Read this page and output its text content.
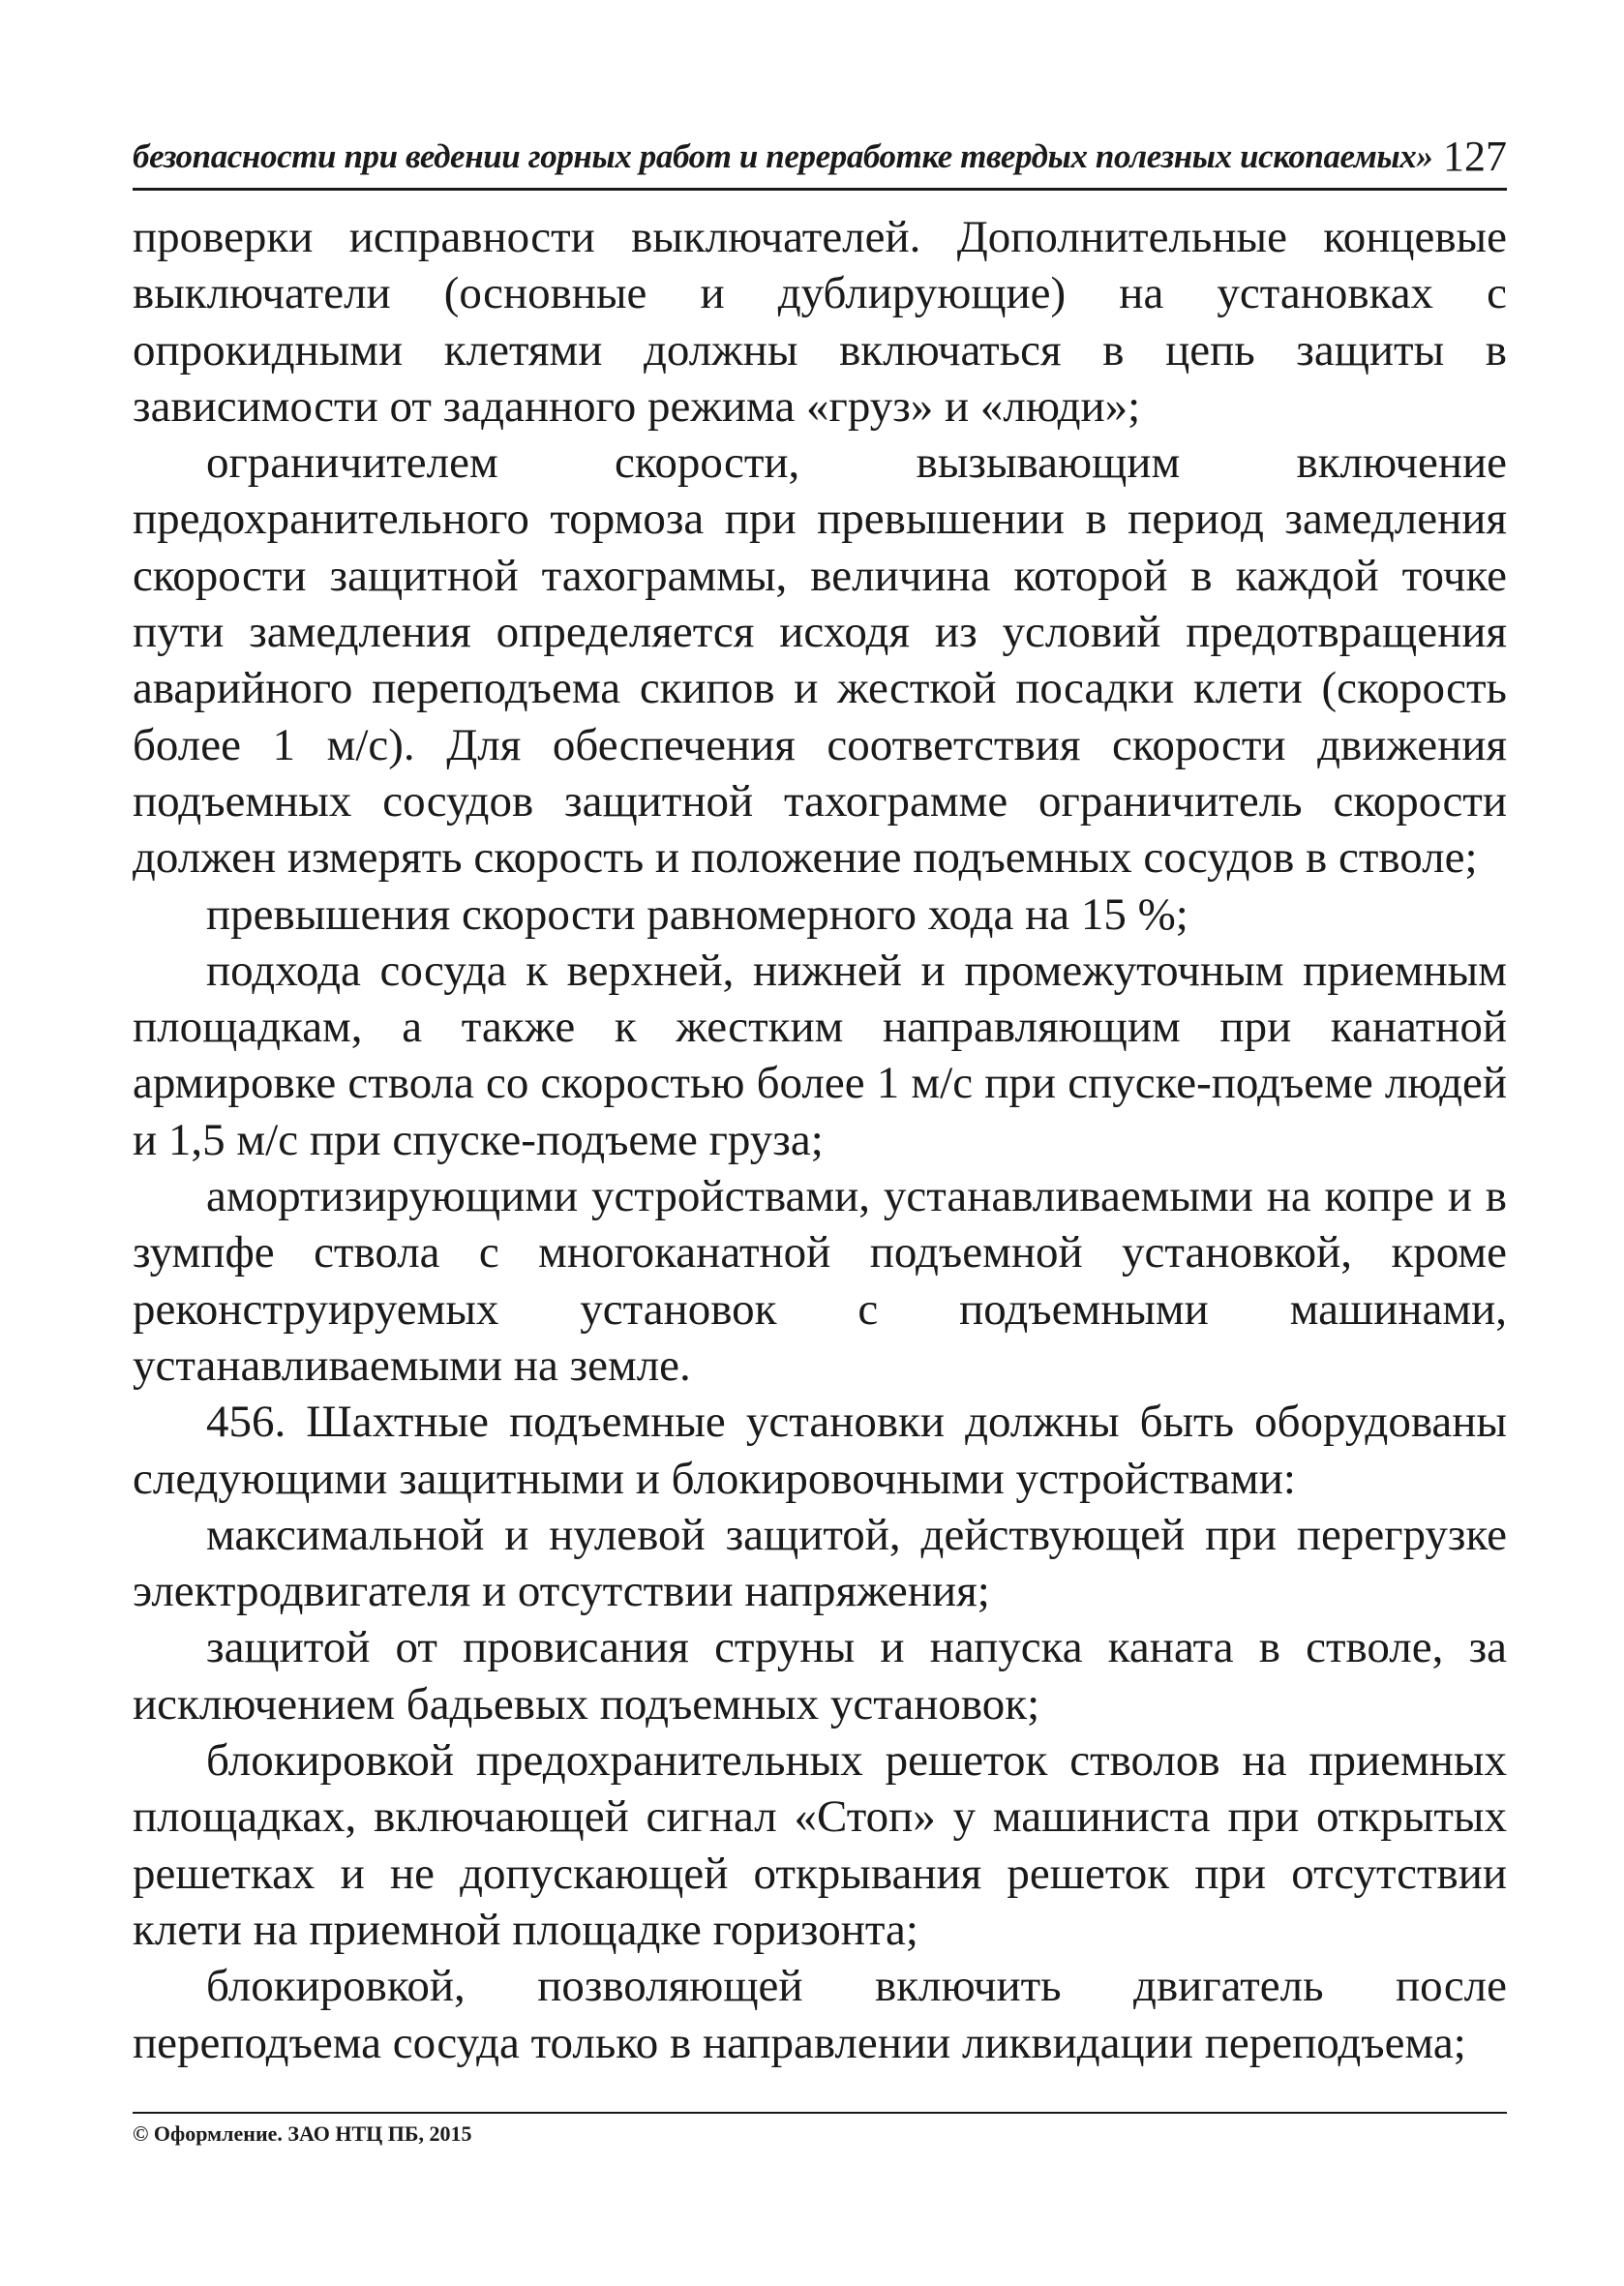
безопасности при ведении горных работ и переработке твердых полезных ископаемых» 127

проверки исправности выключателей. Дополнительные концевые выключатели (основные и дублирующие) на установках с опрокидными клетями должны включаться в цепь защиты в зависимости от заданного режима «груз» и «люди»;

ограничителем скорости, вызывающим включение предохранительного тормоза при превышении в период замедления скорости защитной тахограммы, величина которой в каждой точке пути замедления определяется исходя из условий предотвращения аварийного переподъема скипов и жесткой посадки клети (скорость более 1 м/с). Для обеспечения соответствия скорости движения подъемных сосудов защитной тахограмме ограничитель скорости должен измерять скорость и положение подъемных сосудов в стволе;

превышения скорости равномерного хода на 15 %;

подхода сосуда к верхней, нижней и промежуточным приемным площадкам, а также к жестким направляющим при канатной армировке ствола со скоростью более 1 м/с при спуске-подъеме людей и 1,5 м/с при спуске-подъеме груза;

амортизирующими устройствами, устанавливаемыми на копре и в зумпфе ствола с многоканатной подъемной установкой, кроме реконструируемых установок с подъемными машинами, устанавливаемыми на земле.

456. Шахтные подъемные установки должны быть оборудованы следующими защитными и блокировочными устройствами:

максимальной и нулевой защитой, действующей при перегрузке электродвигателя и отсутствии напряжения;

защитой от провисания струны и напуска каната в стволе, за исключением бадьевых подъемных установок;

блокировкой предохранительных решеток стволов на приемных площадках, включающей сигнал «Стоп» у машиниста при открытых решетках и не допускающей открывания решеток при отсутствии клети на приемной площадке горизонта;

блокировкой, позволяющей включить двигатель после переподъема сосуда только в направлении ликвидации переподъема;

© Оформление. ЗАО НТЦ ПБ, 2015
